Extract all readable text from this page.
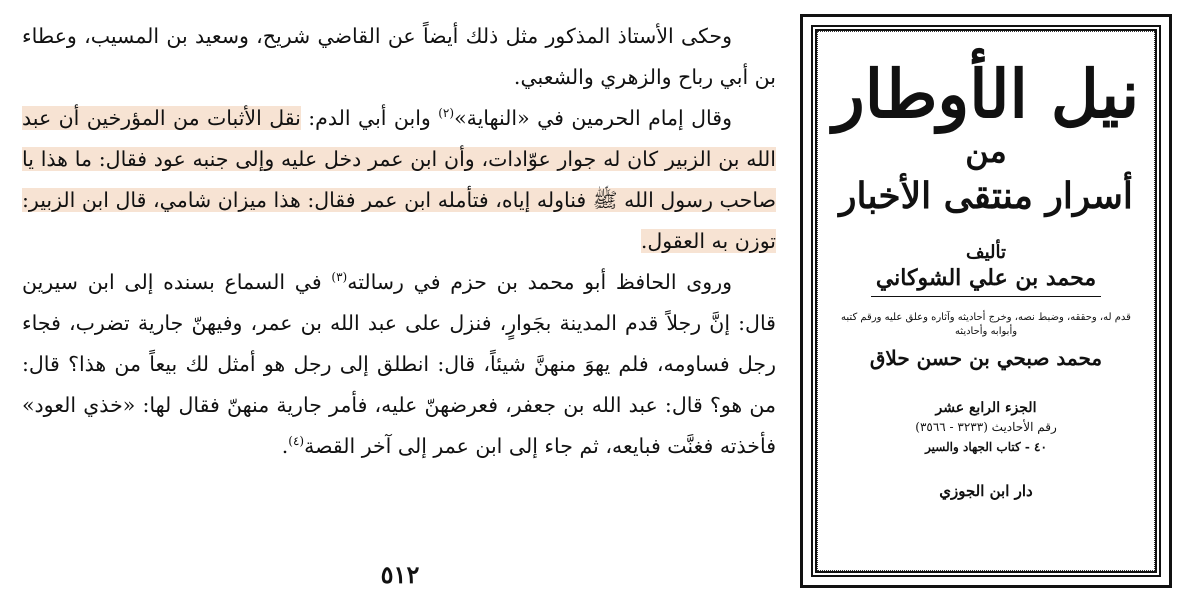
وحكى الأستاذ المذكور مثل ذلك أيضاً عن القاضي شريح، وسعيد بن المسيب، وعطاء بن أبي رباح والزهري والشعبي.

وقال إمام الحرمين في «النهاية»$^{(٢)}$ وابن أبي الدم: نقل الأثبات من المؤرخين أن عبد الله بن الزبير كان له جوار عوّادات، وأن ابن عمر دخل عليه وإلى جنبه عود فقال: ما هذا يا صاحب رسول الله ﷺ فناوله إياه، فتأمله ابن عمر فقال: هذا ميزان شامي، قال ابن الزبير: توزن به العقول.

وروى الحافظ أبو محمد بن حزم في رسالته$^{(٣)}$ في السماع بسنده إلى ابن سيرين قال: إنَّ رجلاً قدم المدينة بجَوارٍ، فنزل على عبد الله بن عمر، وفيهنّ جارية تضرب، فجاء رجل فساومه، فلم يهوَ منهنَّ شيئاً، قال: انطلق إلى رجل هو أمثل لك بيعاً من هذا؟ قال: من هو؟ قال: عبد الله بن جعفر، فعرضهنّ عليه، فأمر جارية منهنّ فقال لها: «خذي العود» فأخذته فغنَّت فبايعه، ثم جاء إلى ابن عمر إلى آخر القصة$^{(٤)}$.

٥١٢
نيل الأوطار
من
أسرار منتقى الأخبار
تأليف
محمد بن علي الشوكاني
قدم له، وحققه، وضبط نصه، وخرج أحاديثه وآثاره وعلق عليه ورقم كتبه وأبوابه وأحاديثه
محمد صبحي بن حسن حلاق
الجزء الرابع عشر
رقم الأحاديث (٣٢٣٣ - ٣٥٦٦)
٤٠ - كتاب الجهاد والسير
دار ابن الجوزي
